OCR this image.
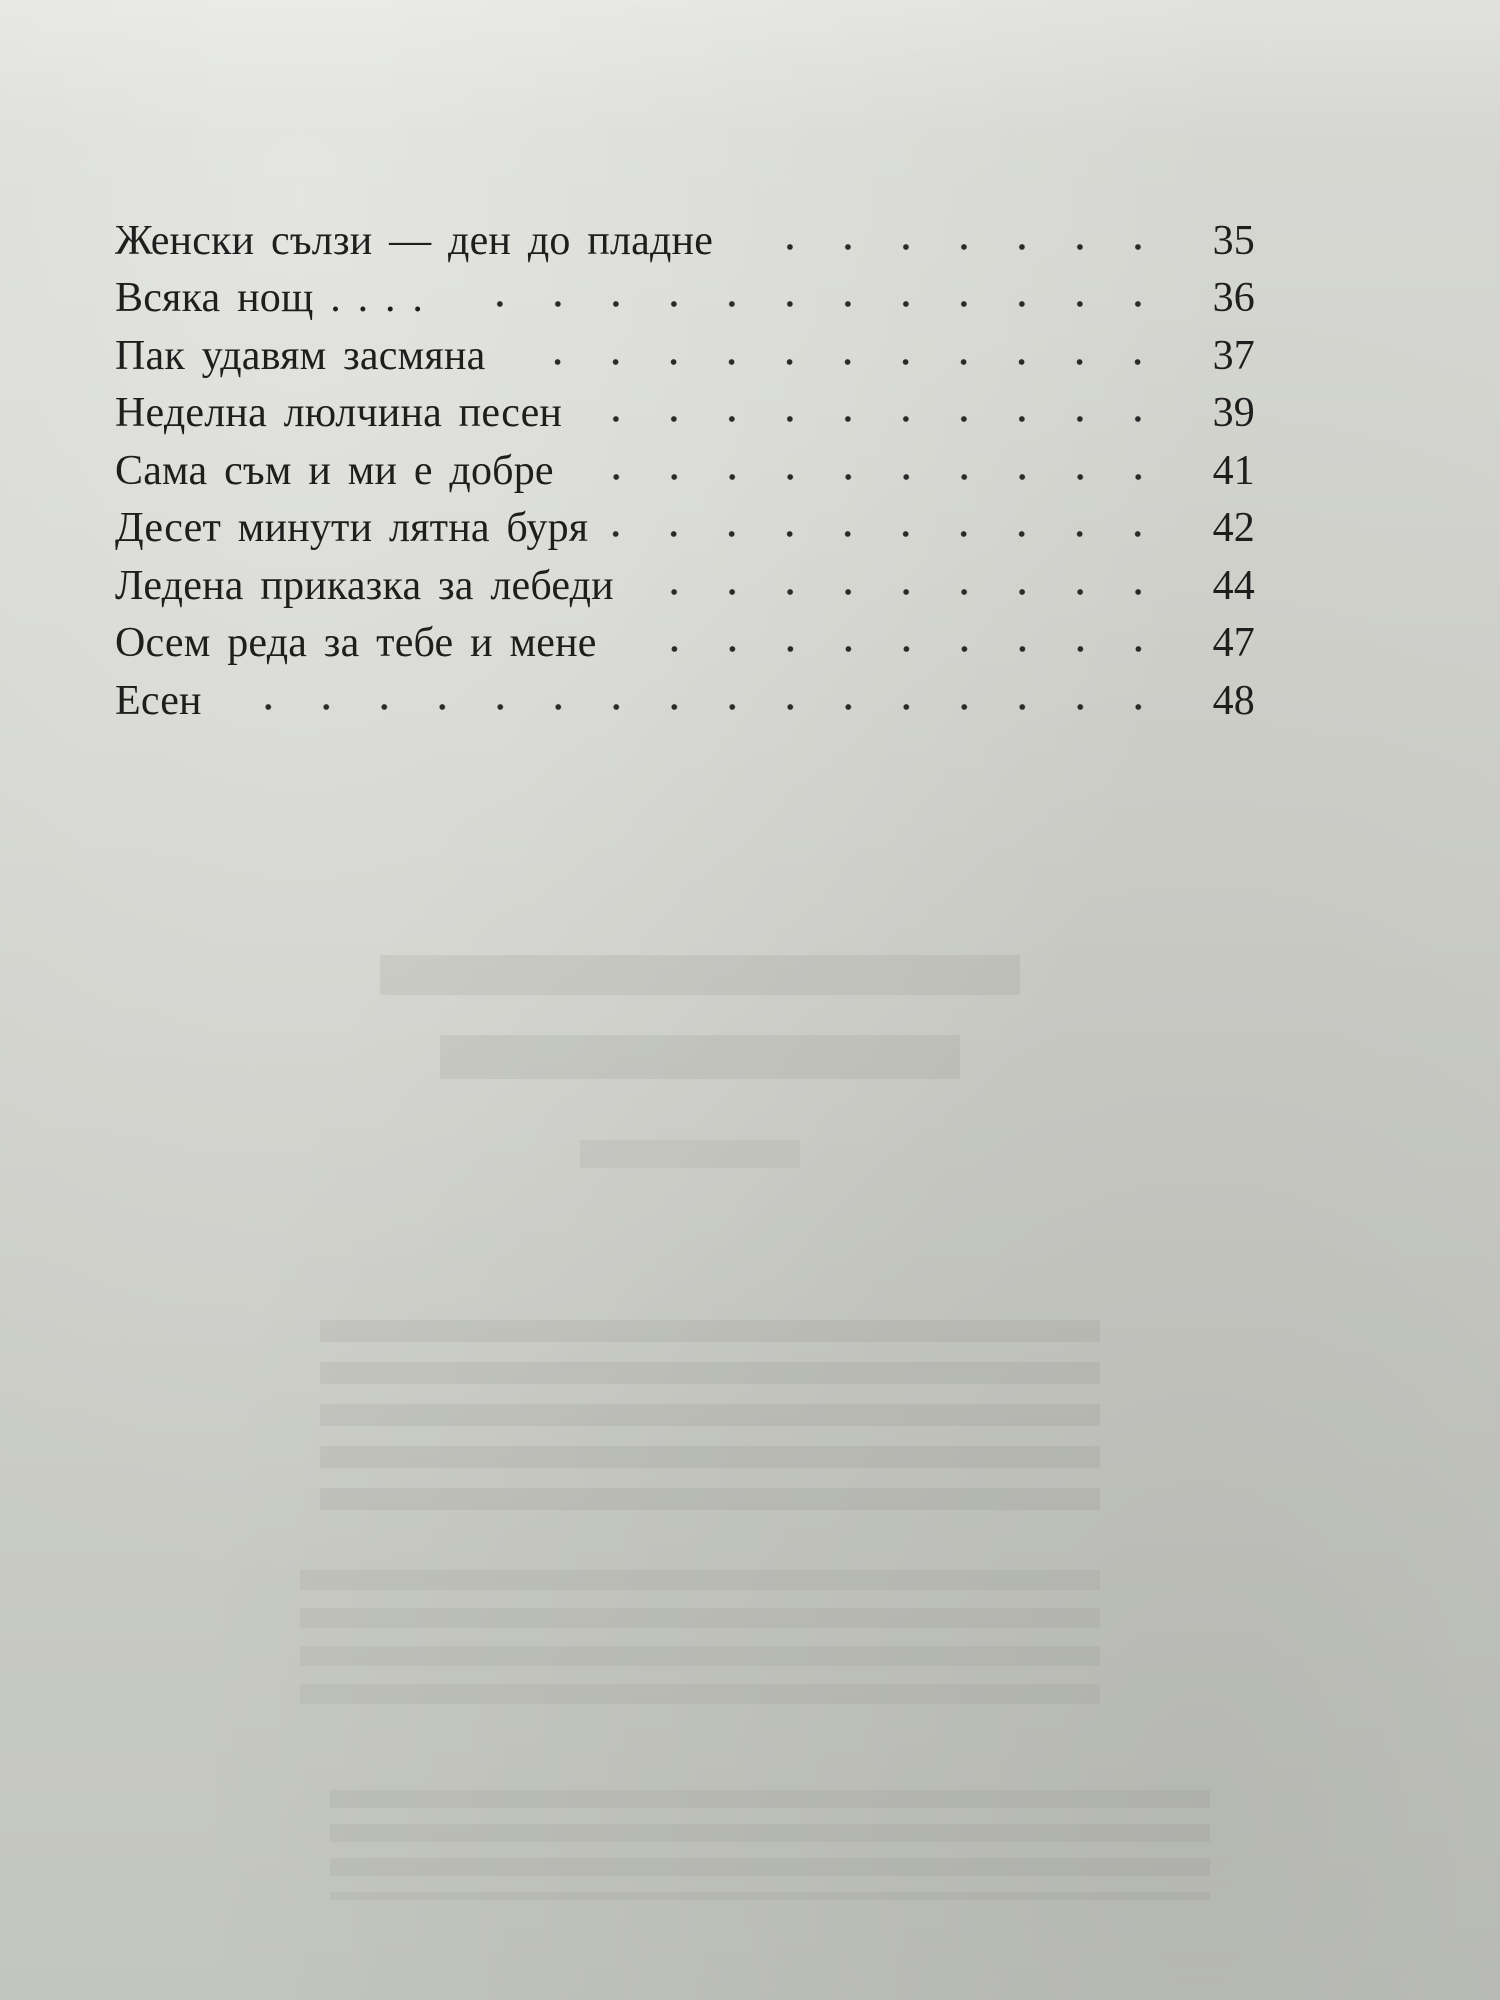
Женски сълзи — ден до пладне	35
Всяка нощ . . . .	36
Пак удавям засмяна	37
Неделна люлчина песен	39
Сама съм и ми е добре	41
Десет минути лятна буря	42
Ледена приказка за лебеди	44
Осем реда за тебе и мене	47
Есен	48
